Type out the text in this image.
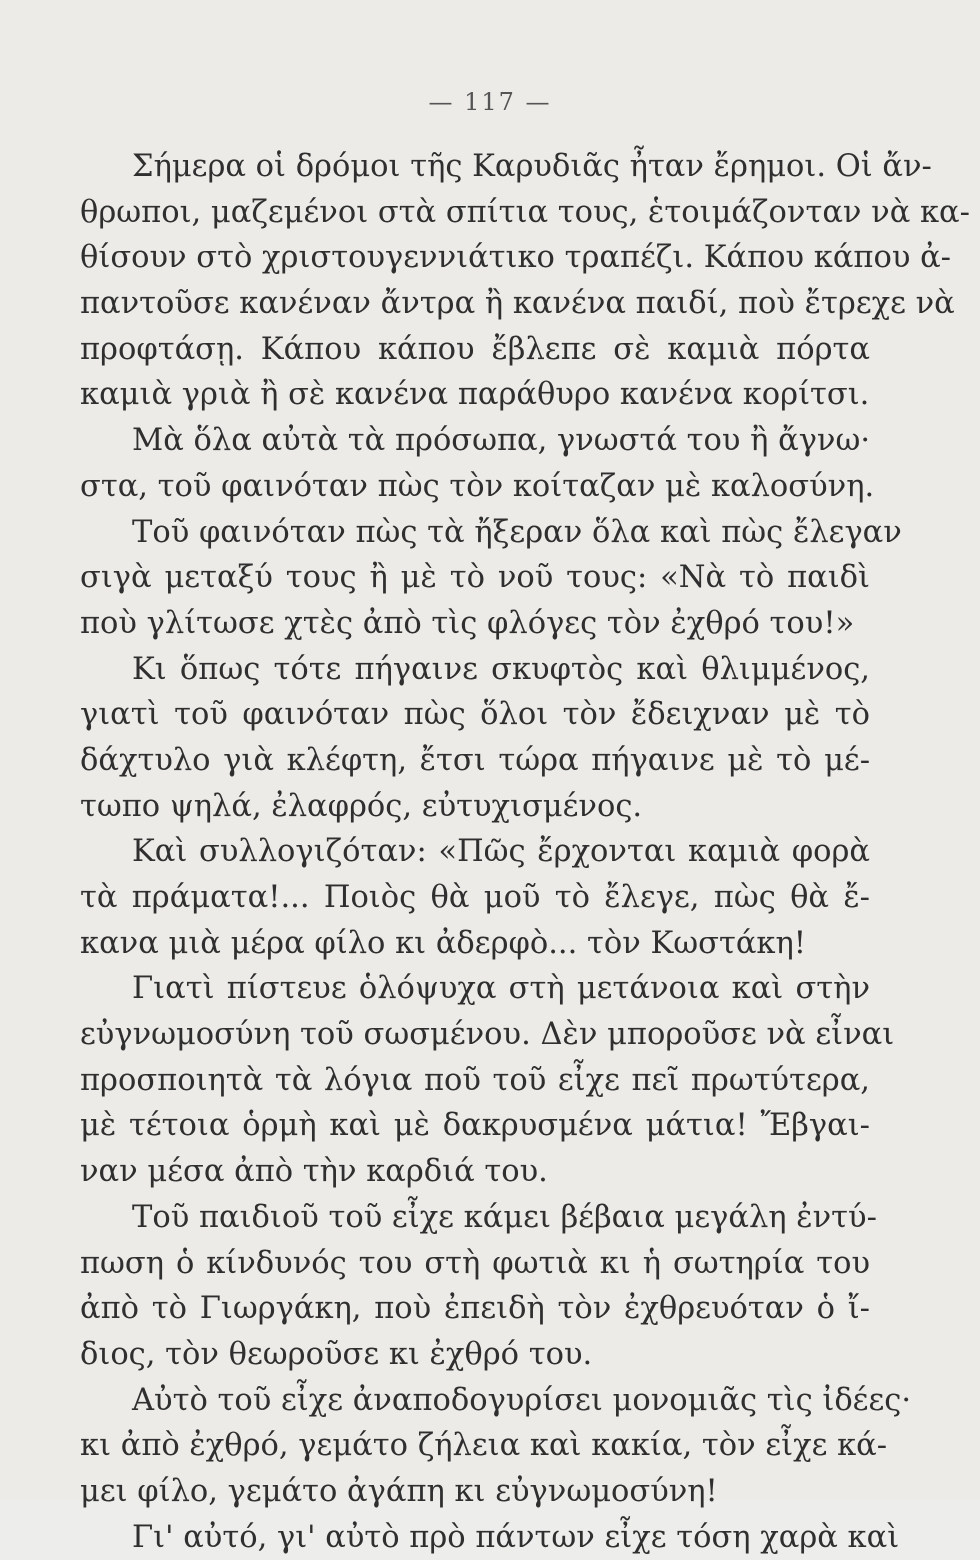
— 117 —
Σήμερα οἱ δρόμοι τῆς Καρυδιᾶς ἦταν ἔρημοι. Οἱ ἄν-
θρωποι, μαζεμένοι στὰ σπίτια τους, ἑτοιμάζονταν νὰ κα-
θίσουν στὸ χριστουγεννιάτικο τραπέζι. Κάπου κάπου ἀ-
παντοῦσε κανέναν ἄντρα ἢ κανένα παιδί, ποὺ ἔτρεχε νὰ
προφτάσῃ. Κάπου κάπου ἔβλεπε σὲ καμιὰ πόρτα
καμιὰ γριὰ ἢ σὲ κανένα παράθυρο κανένα κορίτσι.
Μὰ ὅλα αὐτὰ τὰ πρόσωπα, γνωστά του ἢ ἄγνω·
στα, τοῦ φαινόταν πὼς τὸν κοίταζαν μὲ καλοσύνη.
Τοῦ φαινόταν πὼς τὰ ἤξεραν ὅλα καὶ πὼς ἔλεγαν
σιγὰ μεταξύ τους ἢ μὲ τὸ νοῦ τους: «Νὰ τὸ παιδὶ
ποὺ γλίτωσε χτὲς ἀπὸ τὶς φλόγες τὸν ἐχθρό του!»
Κι ὅπως τότε πήγαινε σκυφτὸς καὶ θλιμμένος,
γιατὶ τοῦ φαινόταν πὼς ὅλοι τὸν ἔδειχναν μὲ τὸ
δάχτυλο γιὰ κλέφτη, ἔτσι τώρα πήγαινε μὲ τὸ μέ-
τωπο ψηλά, ἐλαφρός, εὐτυχισμένος.
Καὶ συλλογιζόταν: «Πῶς ἔρχονται καμιὰ φορὰ
τὰ πράματα!... Ποιὸς θὰ μοῦ τὸ ἔλεγε, πὼς θὰ ἔ-
κανα μιὰ μέρα φίλο κι ἀδερφὸ... τὸν Κωστάκη!
Γιατὶ πίστευε ὁλόψυχα στὴ μετάνοια καὶ στὴν
εὐγνωμοσύνη τοῦ σωσμένου. Δὲν μποροῦσε νὰ εἶναι
προσποιητὰ τὰ λόγια ποῦ τοῦ εἶχε πεῖ πρωτύτερα,
μὲ τέτοια ὁρμὴ καὶ μὲ δακρυσμένα μάτια! Ἔβγαι-
ναν μέσα ἀπὸ τὴν καρδιά του.
Τοῦ παιδιοῦ τοῦ εἶχε κάμει βέβαια μεγάλη ἐντύ-
πωση ὁ κίνδυνός του στὴ φωτιὰ κι ἡ σωτηρία του
ἀπὸ τὸ Γιωργάκη, ποὺ ἐπειδὴ τὸν ἐχθρευόταν ὁ ἴ-
διος, τὸν θεωροῦσε κι ἐχθρό του.
Αὐτὸ τοῦ εἶχε ἀναποδογυρίσει μονομιᾶς τὶς ἰδέες·
κι ἀπὸ ἐχθρό, γεμάτο ζήλεια καὶ κακία, τὸν εἶχε κά-
μει φίλο, γεμάτο ἀγάπη κι εὐγνωμοσύνη!
Γι' αὐτό, γι' αὐτὸ πρὸ πάντων εἶχε τόση χαρὰ καὶ
